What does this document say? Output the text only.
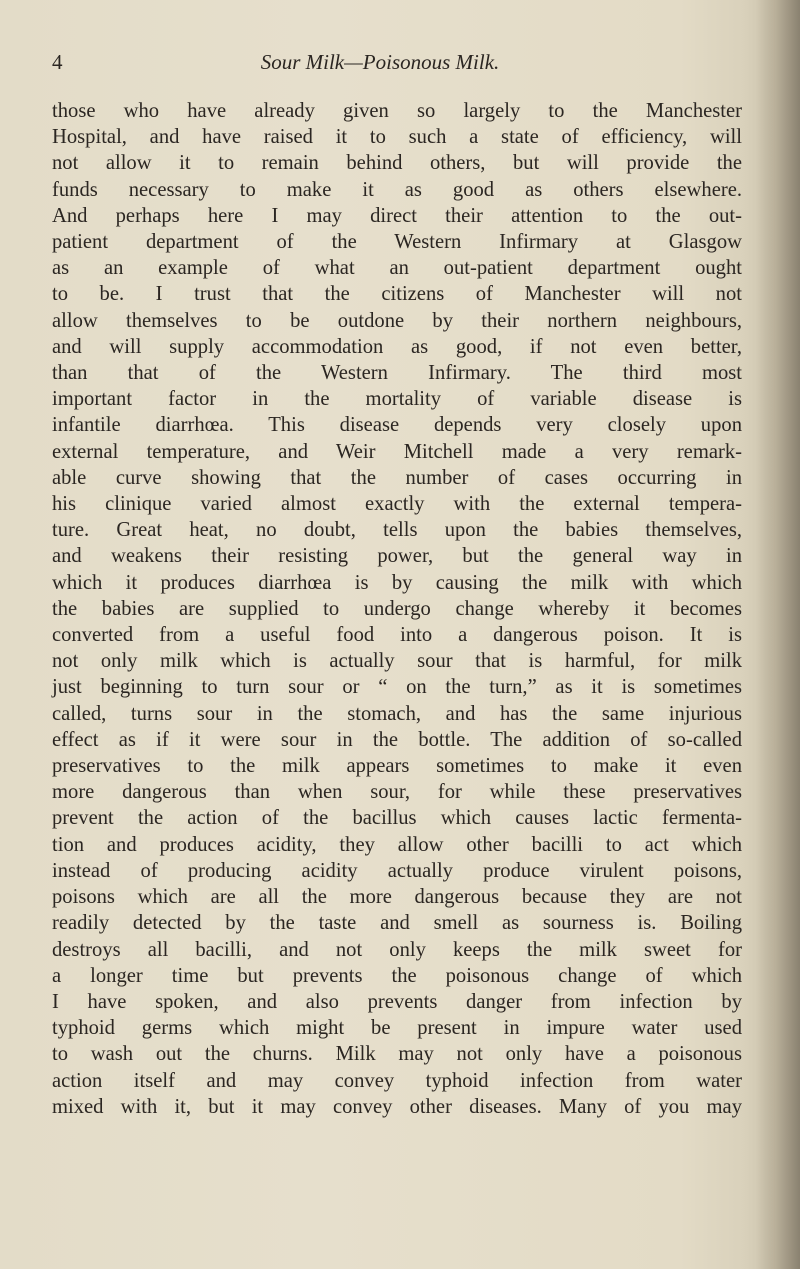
4	Sour Milk—Poisonous Milk.
those who have already given so largely to the Manchester
Hospital, and have raised it to such a state of efficiency, will
not allow it to remain behind others, but will provide the
funds necessary to make it as good as others elsewhere.
And perhaps here I may direct their attention to the out-
patient department of the Western Infirmary at Glasgow
as an example of what an out-patient department ought
to be. I trust that the citizens of Manchester will not
allow themselves to be outdone by their northern neighbours,
and will supply accommodation as good, if not even better,
than that of the Western Infirmary. The third most
important factor in the mortality of variable disease is
infantile diarrhœa. This disease depends very closely upon
external temperature, and Weir Mitchell made a very remark-
able curve showing that the number of cases occurring in
his clinique varied almost exactly with the external tempera-
ture. Great heat, no doubt, tells upon the babies themselves,
and weakens their resisting power, but the general way in
which it produces diarrhœa is by causing the milk with which
the babies are supplied to undergo change whereby it becomes
converted from a useful food into a dangerous poison. It is
not only milk which is actually sour that is harmful, for milk
just beginning to turn sour or “ on the turn,” as it is sometimes
called, turns sour in the stomach, and has the same injurious
effect as if it were sour in the bottle. The addition of so-called
preservatives to the milk appears sometimes to make it even
more dangerous than when sour, for while these preservatives
prevent the action of the bacillus which causes lactic fermenta-
tion and produces acidity, they allow other bacilli to act which
instead of producing acidity actually produce virulent poisons,
poisons which are all the more dangerous because they are not
readily detected by the taste and smell as sourness is. Boiling
destroys all bacilli, and not only keeps the milk sweet for
a longer time but prevents the poisonous change of which
I have spoken, and also prevents danger from infection by
typhoid germs which might be present in impure water used
to wash out the churns. Milk may not only have a poisonous
action itself and may convey typhoid infection from water
mixed with it, but it may convey other diseases. Many of you may
